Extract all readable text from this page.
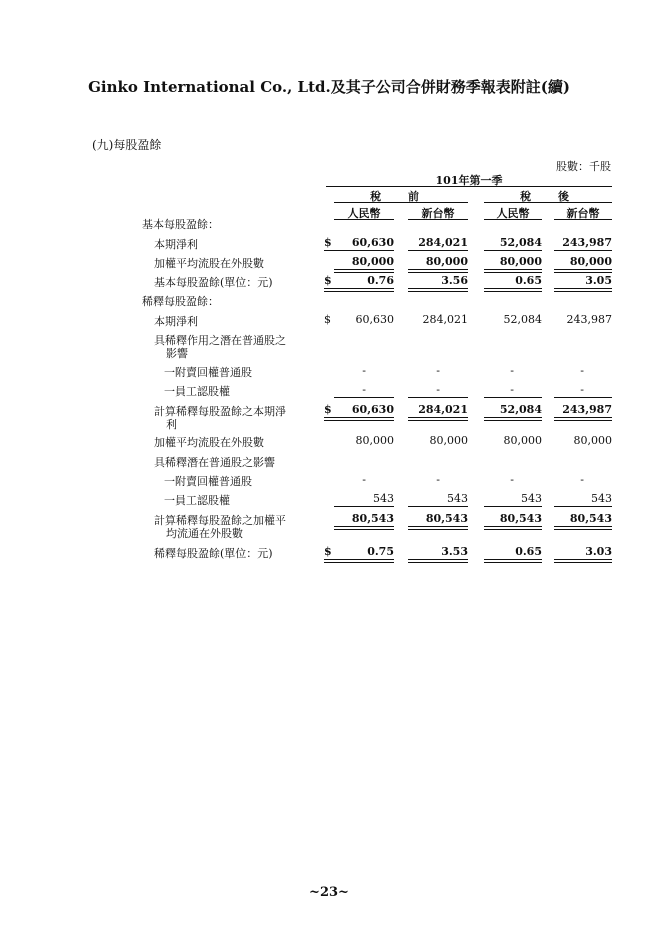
Ginko International Co., Ltd.及其子公司合併財務季報表附註(續)
(九)每股盈餘
股數：千股
101年第一季
稅 前	稅 後
人民幣	新台幣	人民幣	新台幣
基本每股盈餘：
本期淨利	$	60,630	284,021	52,084	243,987
加權平均流股在外股數	80,000	80,000	80,000	80,000
基本每股盈餘(單位：元)	$	0.76	3.56	0.65	3.05
稀釋每股盈餘：
本期淨利	$	60,630	284,021	52,084	243,987
具稀釋作用之潛在普通股之
影響
一附賣回權普通股	-	-	-	-
一員工認股權	-	-	-	-
計算稀釋每股盈餘之本期淨
利
$	60,630	284,021	52,084	243,987
加權平均流股在外股數	80,000	80,000	80,000	80,000
具稀釋潛在普通股之影響
一附賣回權普通股	-	-	-	-
一員工認股權	543	543	543	543
計算稀釋每股盈餘之加權平
均流通在外股數
80,543	80,543	80,543	80,543
稀釋每股盈餘(單位：元)	$	0.75	3.53	0.65	3.03
~23~
